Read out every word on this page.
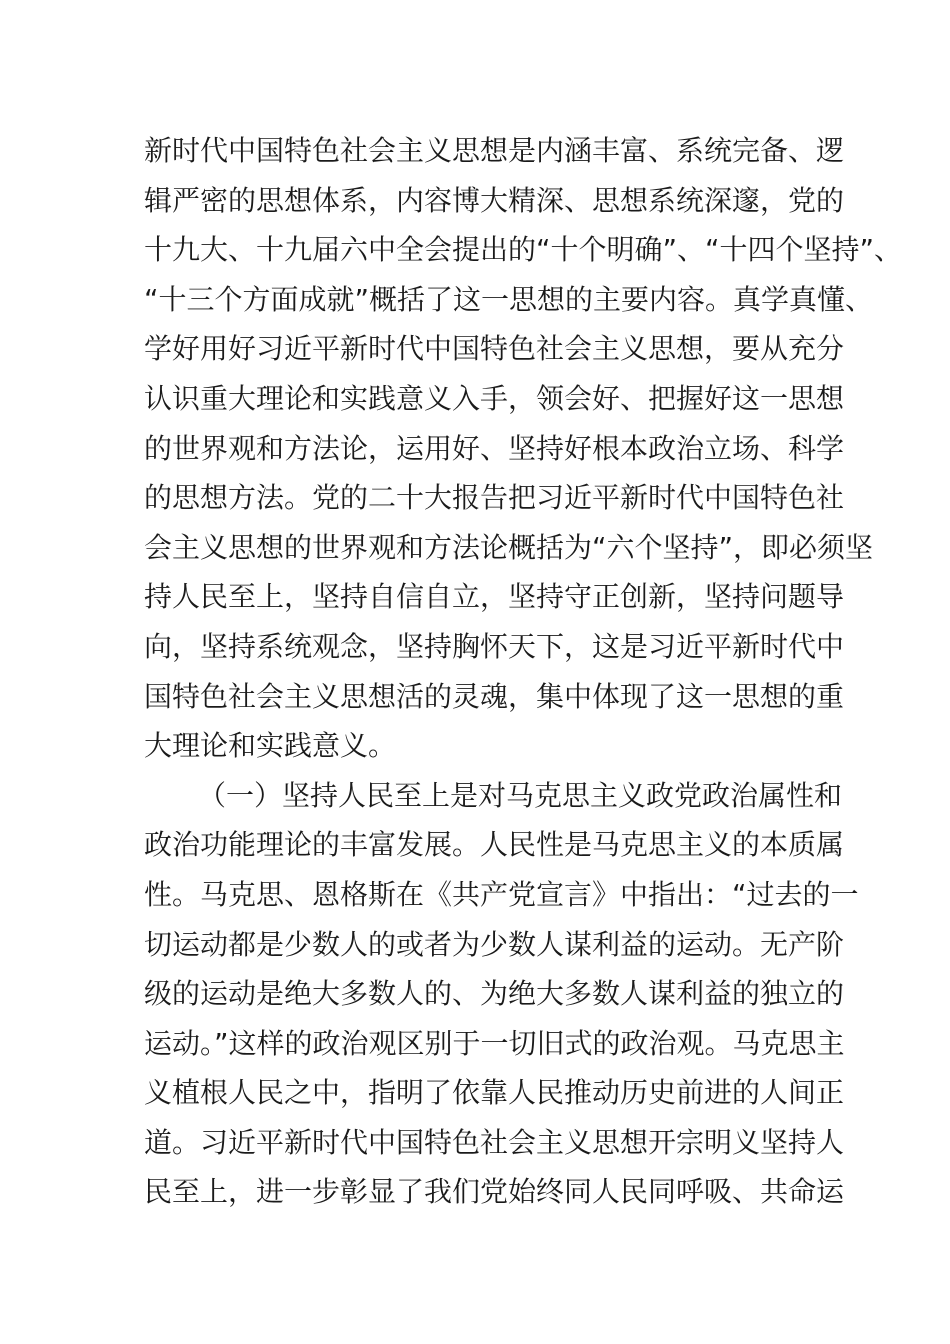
新时代中国特色社会主义思想是内涵丰富、系统完备、逻
辑严密的思想体系，内容博大精深、思想系统深邃，党的
十九大、十九届六中全会提出的“十个明确”、“十四个坚持”、
“十三个方面成就”概括了这一思想的主要内容。真学真懂、
学好用好习近平新时代中国特色社会主义思想，要从充分
认识重大理论和实践意义入手，领会好、把握好这一思想
的世界观和方法论，运用好、坚持好根本政治立场、科学
的思想方法。党的二十大报告把习近平新时代中国特色社
会主义思想的世界观和方法论概括为“六个坚持”，即必须坚
持人民至上，坚持自信自立，坚持守正创新，坚持问题导
向，坚持系统观念，坚持胸怀天下，这是习近平新时代中
国特色社会主义思想活的灵魂，集中体现了这一思想的重
大理论和实践意义。
（一）坚持人民至上是对马克思主义政党政治属性和
政治功能理论的丰富发展。人民性是马克思主义的本质属
性。马克思、恩格斯在《共产党宣言》中指出：“过去的一
切运动都是少数人的或者为少数人谋利益的运动。无产阶
级的运动是绝大多数人的、为绝大多数人谋利益的独立的
运动。”这样的政治观区别于一切旧式的政治观。马克思主
义植根人民之中，指明了依靠人民推动历史前进的人间正
道。习近平新时代中国特色社会主义思想开宗明义坚持人
民至上，进一步彰显了我们党始终同人民同呼吸、共命运
